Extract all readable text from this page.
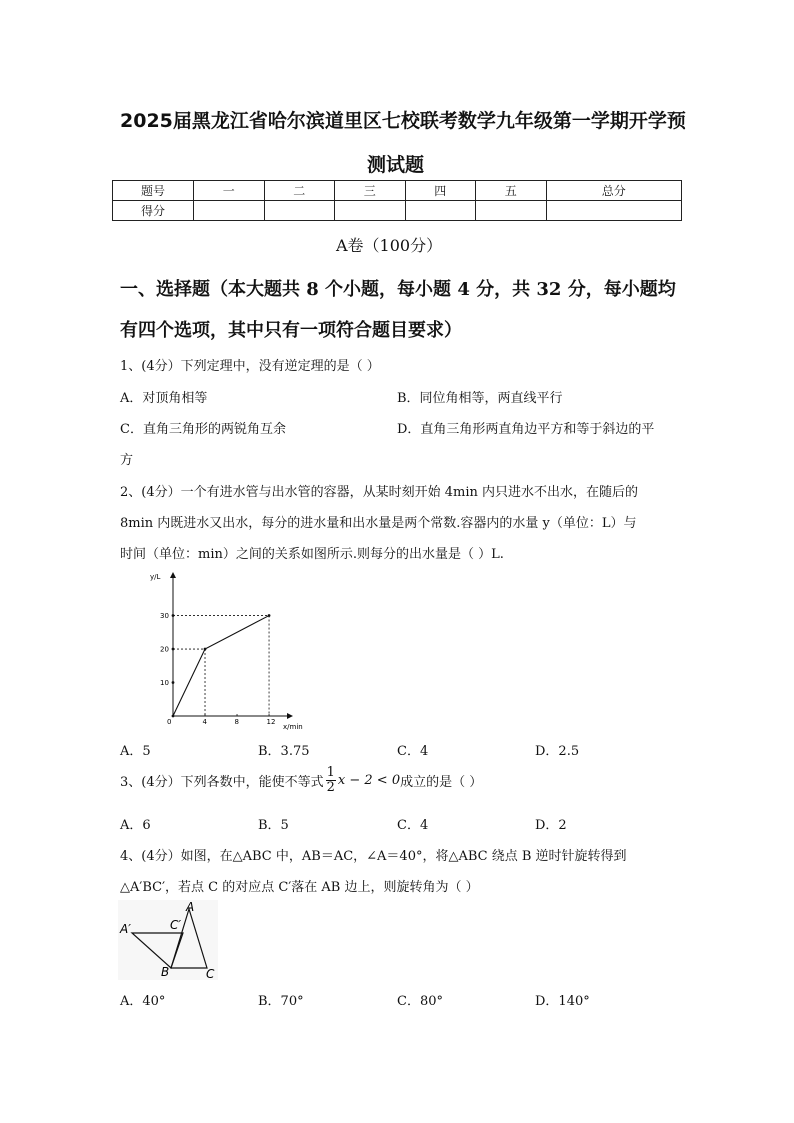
2025届黑龙江省哈尔滨道里区七校联考数学九年级第一学期开学预
测试题
题号	一	二	三	四	五	总分
得分						
A卷（100分）
一、选择题（本大题共 8 个小题，每小题 4 分，共 32 分，每小题均
有四个选项，其中只有一项符合题目要求）
1、(4分）下列定理中，没有逆定理的是（ ）
A．对顶角相等	B．同位角相等，两直线平行
C．直角三角形的两锐角互余	D．直角三角形两直角边平方和等于斜边的平
方
2、(4分）一个有进水管与出水管的容器，从某时刻开始 4min 内只进水不出水，在随后的
8min 内既进水又出水，每分的进水量和出水量是两个常数.容器内的水量 y（单位：L）与
时间（单位：min）之间的关系如图所示.则每分的出水量是（ ）L.
y/L
x/min
0	4	8	12
10
20
30
A．5	B．3.75	C．4	D．2.5
3、(4分）下列各数中，能使不等式 $\frac{1}{2}$ x − 2 < 0 成立的是（ ）
A．6	B．5	C．4	D．2
4、(4分）如图，在△ABC 中，AB＝AC，∠A＝40°，将△ABC 绕点 B 逆时针旋转得到
△A′BC′，若点 C 的对应点 C′落在 AB 边上，则旋转角为（ ）
A
A′	C′
B	C
A．40°	B．70°	C．80°	D．140°
